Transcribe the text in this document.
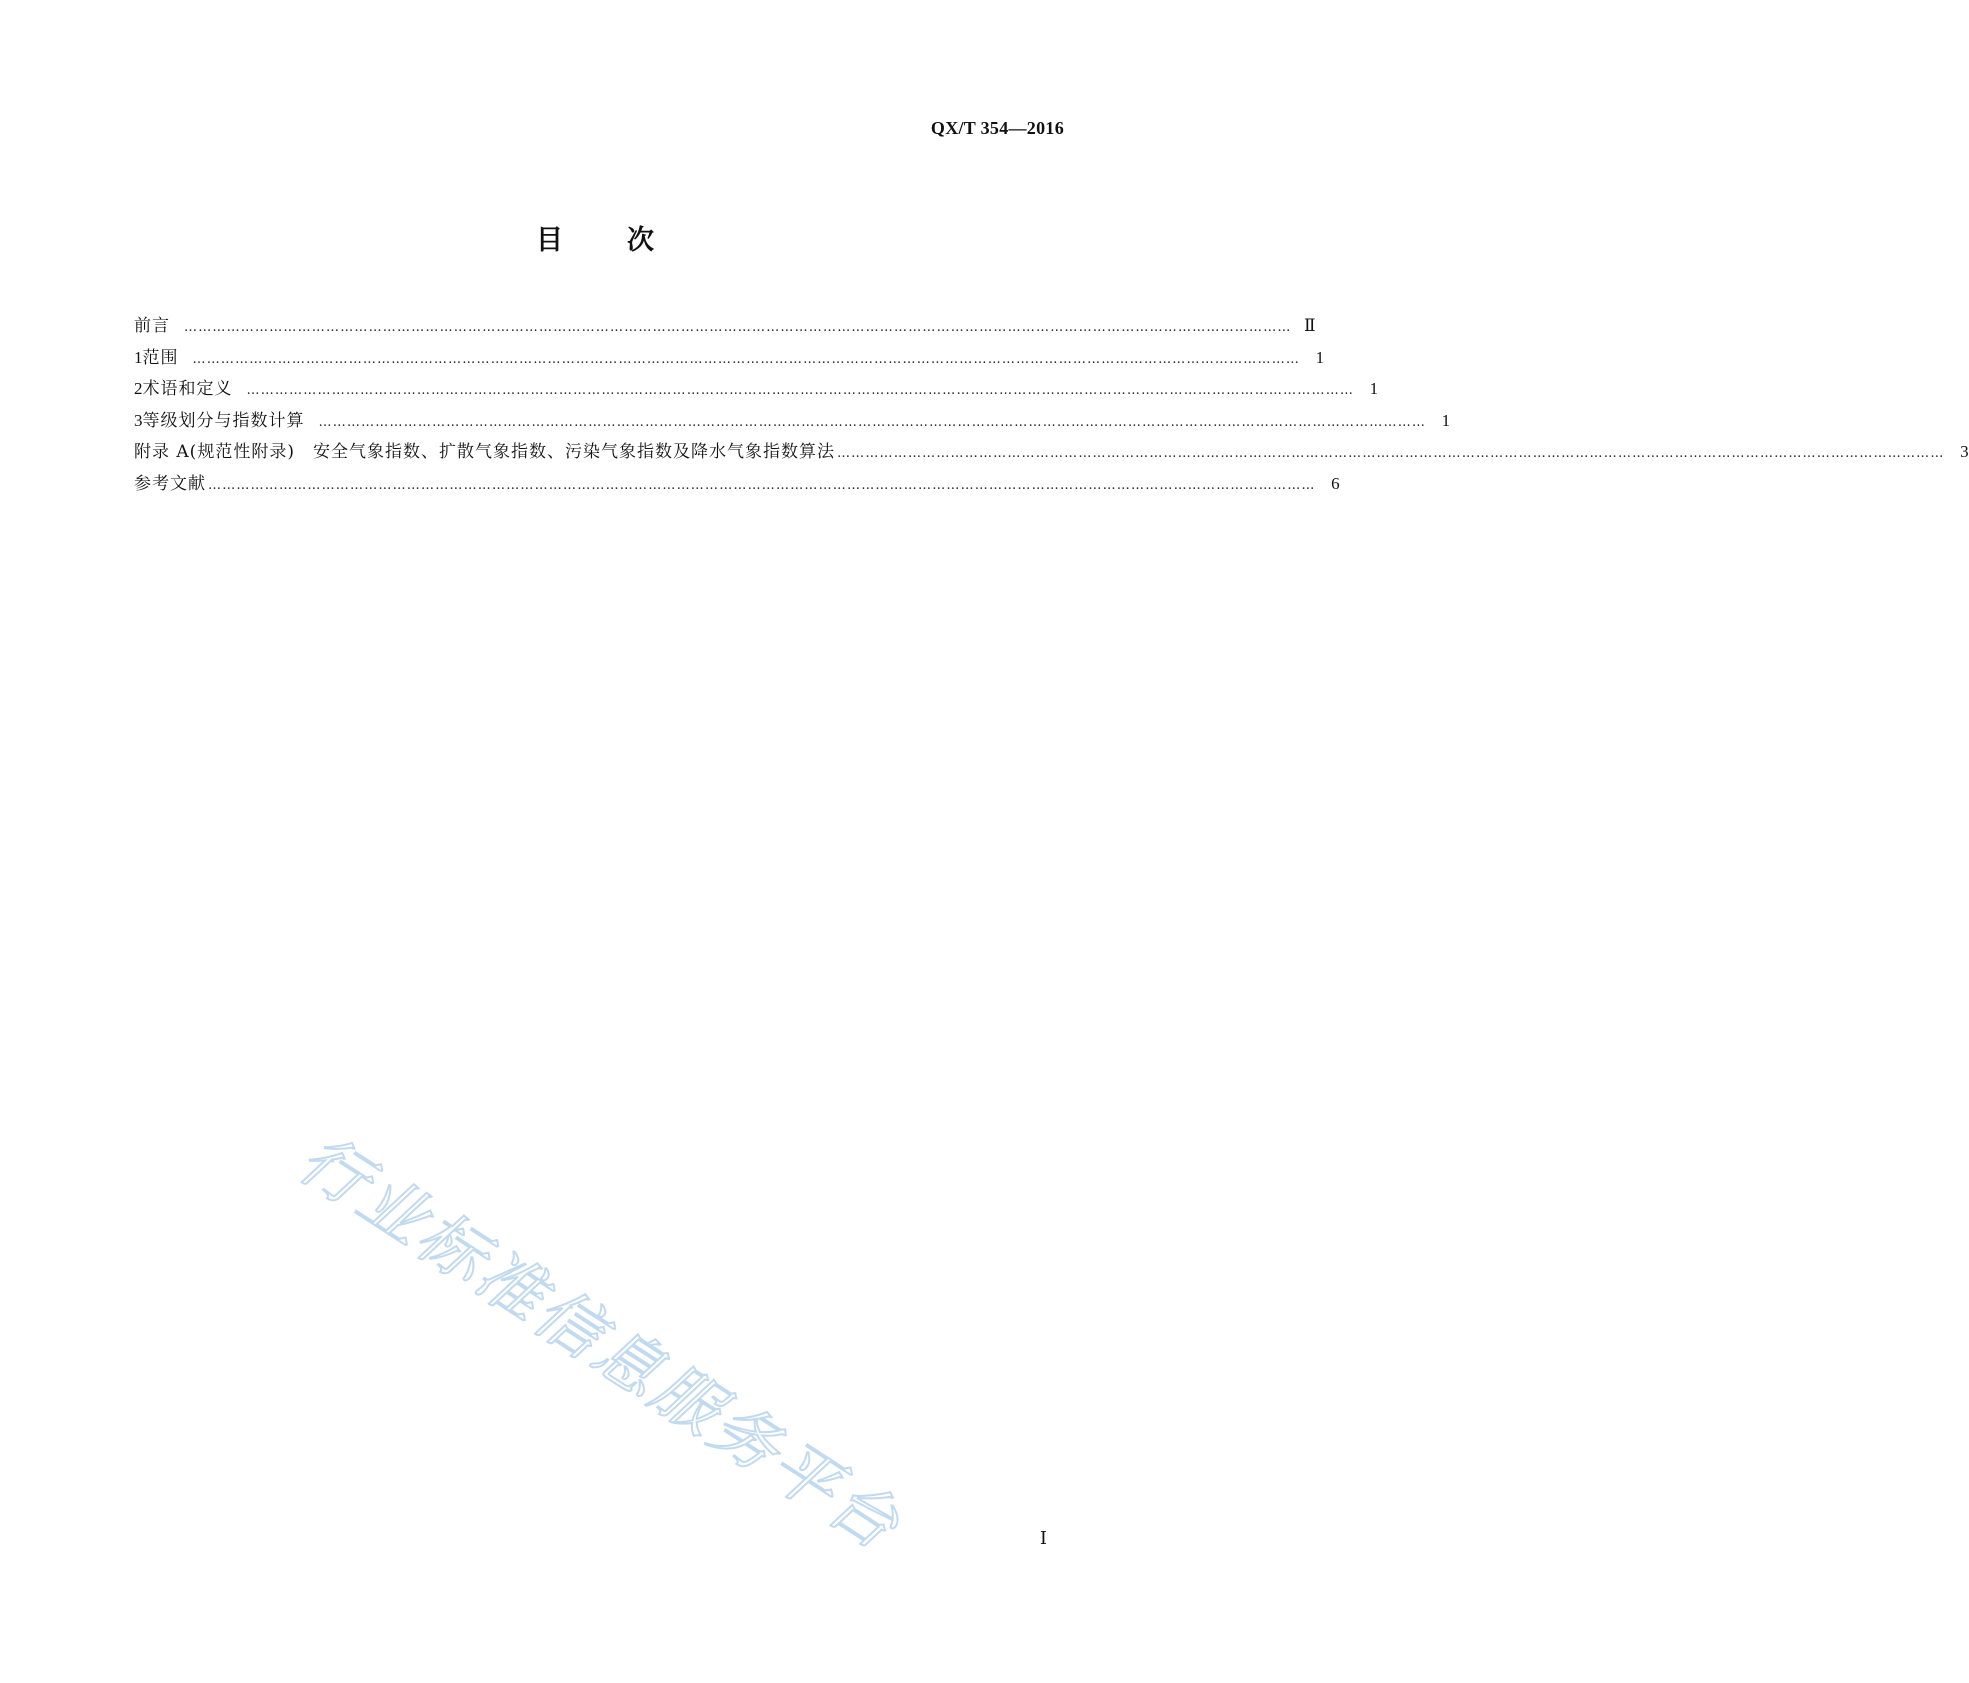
QX/T 354—2016
目 次
前言 ……………………………………………………………………………………………………………………………………………………………………………………………………………… Ⅱ
1 范围 ……………………………………………………………………………………………………………………………………………………………………………………………………………… 1
2 术语和定义 ……………………………………………………………………………………………………………………………………………………………………………………………………………… 1
3 等级划分与指数计算 ……………………………………………………………………………………………………………………………………………………………………………………………………………… 1
附录 A(规范性附录)　安全气象指数、扩散气象指数、污染气象指数及降水气象指数算法 ……………………………………………………………………………………………………………………………………………………………………………………………………………… 3
参考文献 ……………………………………………………………………………………………………………………………………………………………………………………………………………… 6
行业标准信息服务平台	Ⅰ
